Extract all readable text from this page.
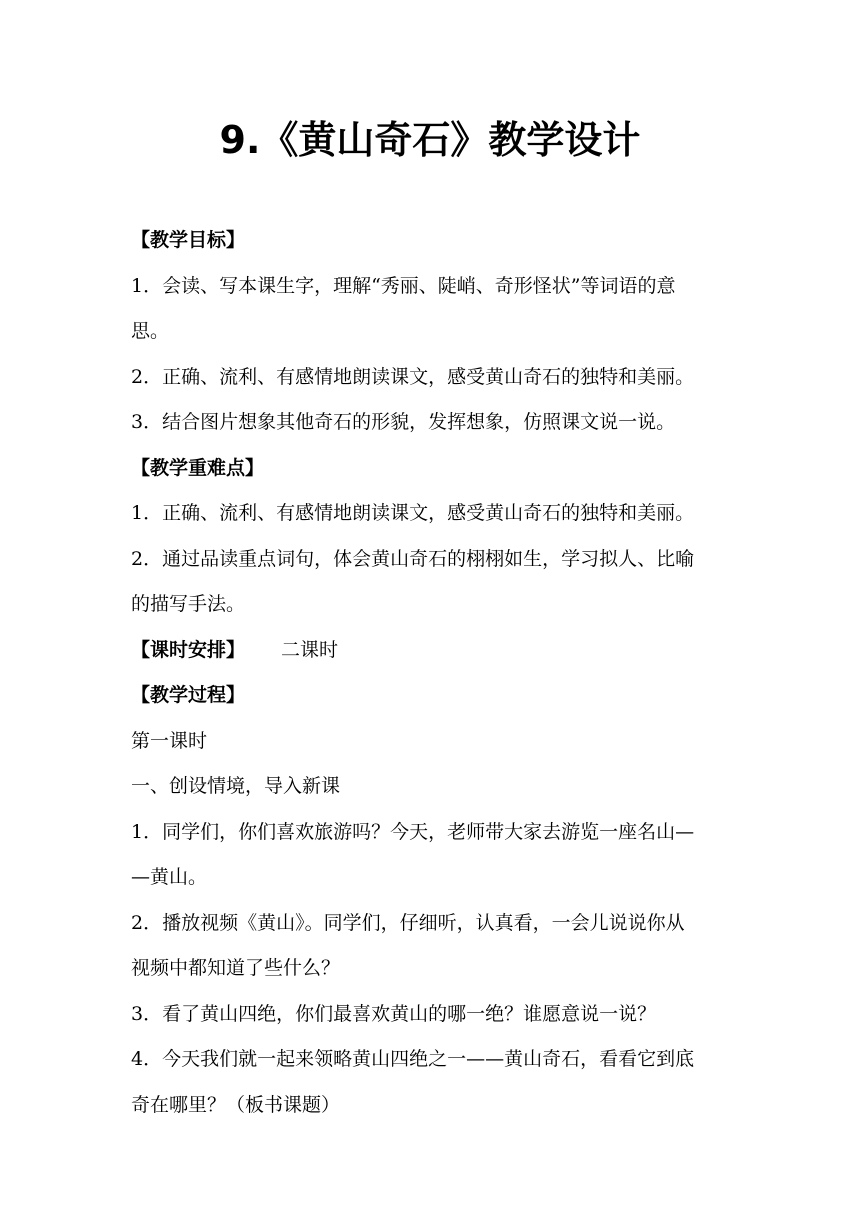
9.《黄山奇石》教学设计

【教学目标】

1．会读、写本课生字，理解“秀丽、陡峭、奇形怪状”等词语的意

思。

2．正确、流利、有感情地朗读课文，感受黄山奇石的独特和美丽。

3．结合图片想象其他奇石的形貌，发挥想象，仿照课文说一说。

【教学重难点】

1．正确、流利、有感情地朗读课文，感受黄山奇石的独特和美丽。

2．通过品读重点词句，体会黄山奇石的栩栩如生，学习拟人、比喻

的描写手法。

【课时安排】 二课时

【教学过程】

第一课时

一、创设情境，导入新课

1．同学们，你们喜欢旅游吗？今天，老师带大家去游览一座名山—

—黄山。

2．播放视频《黄山》。同学们，仔细听，认真看，一会儿说说你从

视频中都知道了些什么？

3．看了黄山四绝，你们最喜欢黄山的哪一绝？谁愿意说一说？

4．今天我们就一起来领略黄山四绝之一——黄山奇石，看看它到底

奇在哪里？（板书课题）
